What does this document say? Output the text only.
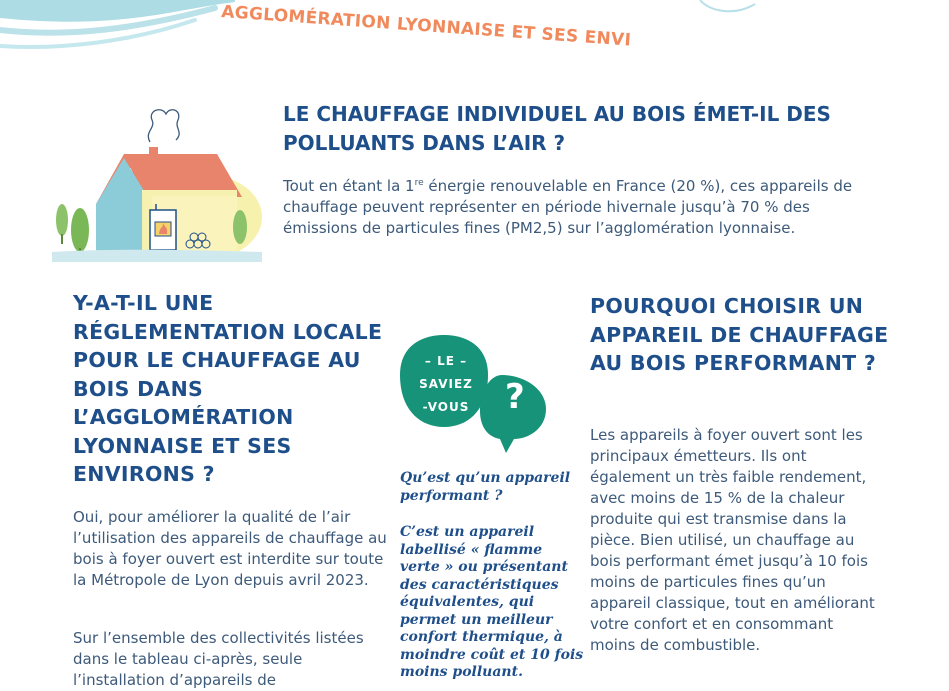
AGGLOMÉRATION LYONNAISE ET SES ENVI
LE CHAUFFAGE INDIVIDUEL AU BOIS ÉMET-IL DES POLLUANTS DANS L’AIR ?

Tout en étant la 1re énergie renouvelable en France (20 %), ces appareils de chauffage peuvent représenter en période hivernale jusqu’à 70 % des émissions de particules fines (PM2,5) sur l’agglomération lyonnaise.

Y-A-T-IL UNE RÉGLEMENTATION LOCALE POUR LE CHAUFFAGE AU BOIS DANS L’AGGLOMÉRATION LYONNAISE ET SES ENVIRONS ?

Oui, pour améliorer la qualité de l’air l’utilisation des appareils de chauffage au bois à foyer ouvert est interdite sur toute la Métropole de Lyon depuis avril 2023.

Sur l’ensemble des collectivités listées dans le tableau ci-après, seule l’installation d’appareils de

– LE –
SAVIEZ
-VOUS	?

Qu’est qu’un appareil performant ?

C’est un appareil labellisé « flamme verte » ou présentant des caractéristiques équivalentes, qui permet un meilleur confort thermique, à moindre coût et 10 fois moins polluant.

POURQUOI CHOISIR UN APPAREIL DE CHAUFFAGE AU BOIS PERFORMANT ?

Les appareils à foyer ouvert sont les principaux émetteurs. Ils ont également un très faible rendement, avec moins de 15 % de la chaleur produite qui est transmise dans la pièce. Bien utilisé, un chauffage au bois performant émet jusqu’à 10 fois moins de particules fines qu’un appareil classique, tout en améliorant votre confort et en consommant moins de combustible.
